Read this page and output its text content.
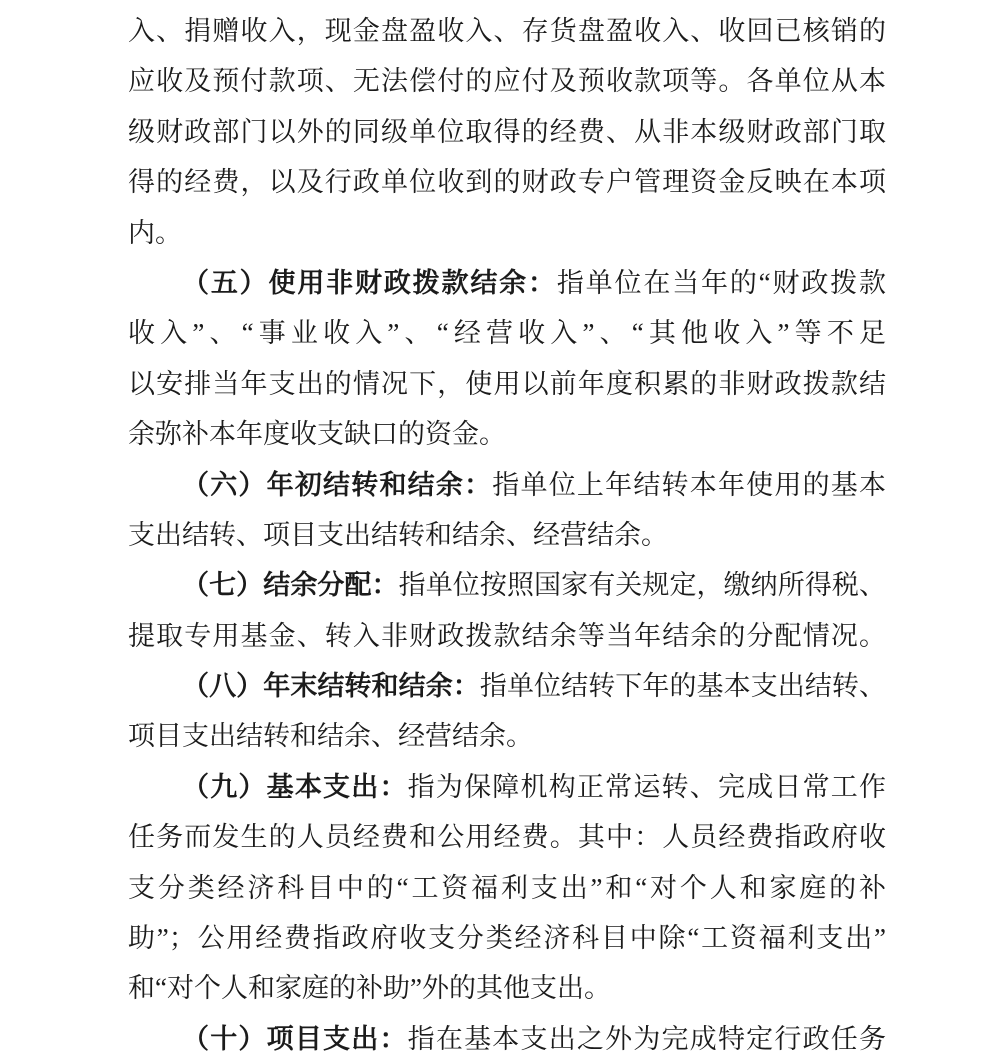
入、捐赠收入，现金盘盈收入、存货盘盈收入、收回已核销的
应收及预付款项、无法偿付的应付及预收款项等。各单位从本
级财政部门以外的同级单位取得的经费、从非本级财政部门取
得的经费，以及行政单位收到的财政专户管理资金反映在本项
内。
（五）使用非财政拨款结余：指单位在当年的“财政拨款
收入”、“事业收入”、“经营收入”、“其他收入”等不足
以安排当年支出的情况下，使用以前年度积累的非财政拨款结
余弥补本年度收支缺口的资金。
（六）年初结转和结余：指单位上年结转本年使用的基本
支出结转、项目支出结转和结余、经营结余。
（七）结余分配：指单位按照国家有关规定，缴纳所得税、
提取专用基金、转入非财政拨款结余等当年结余的分配情况。
（八）年末结转和结余：指单位结转下年的基本支出结转、
项目支出结转和结余、经营结余。
（九）基本支出：指为保障机构正常运转、完成日常工作
任务而发生的人员经费和公用经费。其中：人员经费指政府收
支分类经济科目中的“工资福利支出”和“对个人和家庭的补
助”；公用经费指政府收支分类经济科目中除“工资福利支出”
和“对个人和家庭的补助”外的其他支出。
（十）项目支出：指在基本支出之外为完成特定行政任务
